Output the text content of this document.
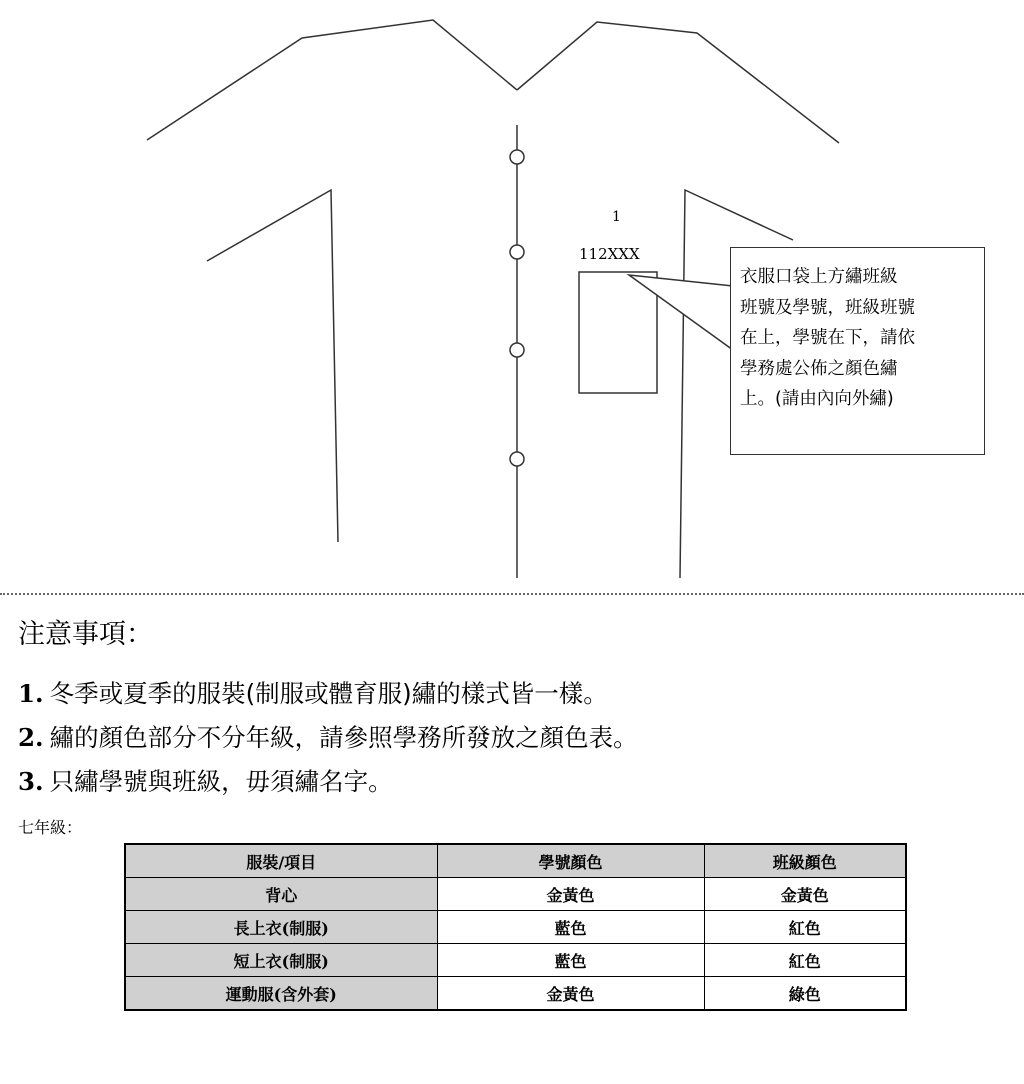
1
112XXX
衣服口袋上方繡班級
班號及學號，班級班號
在上，學號在下，請依
學務處公佈之顏色繡
上。(請由內向外繡)
注意事項：
1. 冬季或夏季的服裝(制服或體育服)繡的樣式皆一樣。
2. 繡的顏色部分不分年級，請參照學務所發放之顏色表。
3. 只繡學號與班級，毋須繡名字。
七年級：
服裝/項目	學號顏色	班級顏色
背心	金黃色	金黃色
長上衣(制服)	藍色	紅色
短上衣(制服)	藍色	紅色
運動服(含外套)	金黃色	綠色
